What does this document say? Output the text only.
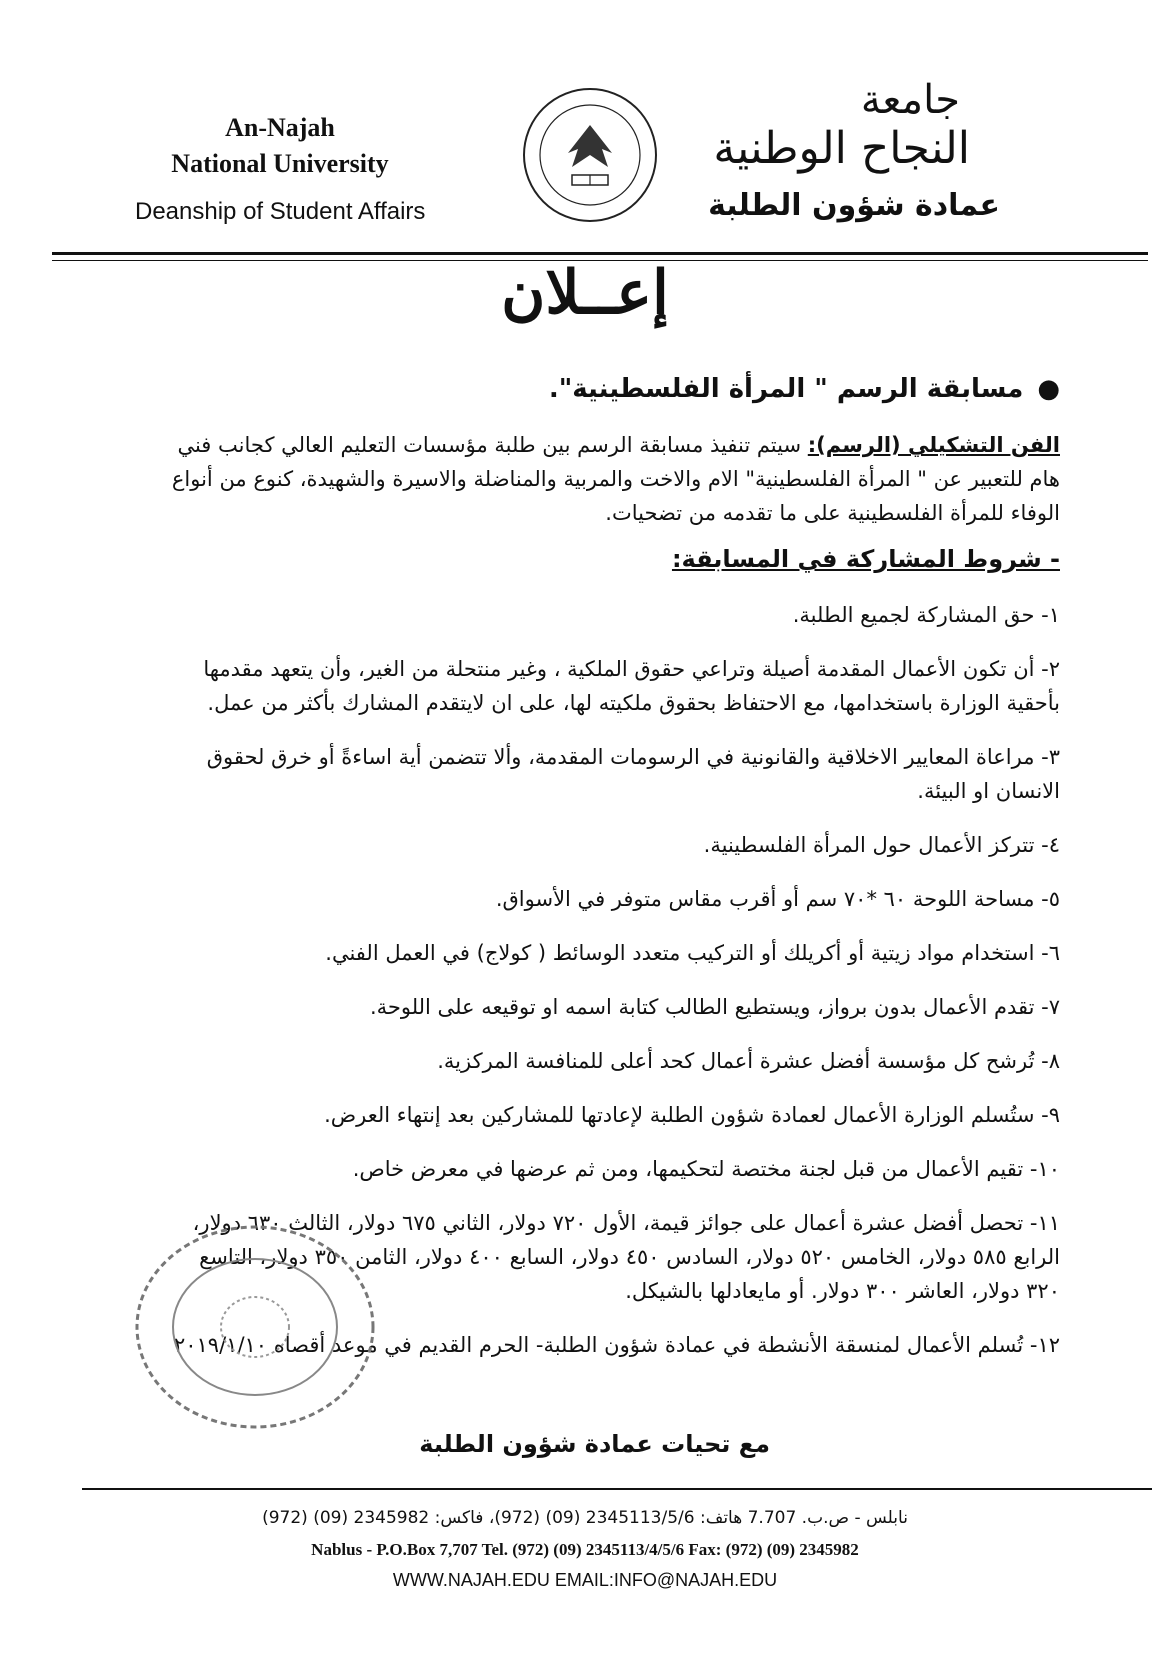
An-Najah
National University
Deanship of Student Affairs
جامعة
النجاح الوطنية
عمادة شؤون الطلبة
إعــلان
●مسابقة الرسم " المرأة الفلسطينية".
الفن التشكيلي (الرسم): سيتم تنفيذ مسابقة الرسم بين طلبة مؤسسات التعليم العالي كجانب فني هام للتعبير عن " المرأة الفلسطينية" الام والاخت والمربية والمناضلة والاسيرة والشهيدة، كنوع من أنواع الوفاء للمرأة الفلسطينية على ما تقدمه من تضحيات.
- شروط المشاركة في المسابقة:
١- حق المشاركة لجميع الطلبة.
٢- أن تكون الأعمال المقدمة أصيلة وتراعي حقوق الملكية ، وغير منتحلة من الغير، وأن يتعهد مقدمها بأحقية الوزارة باستخدامها، مع الاحتفاظ بحقوق ملكيته لها، على ان لايتقدم المشارك بأكثر من عمل.
٣- مراعاة المعايير الاخلاقية والقانونية في الرسومات المقدمة، وألا تتضمن أية اساءةً أو خرق لحقوق الانسان او البيئة.
٤- تتركز الأعمال حول المرأة الفلسطينية.
٥- مساحة اللوحة ٦٠ *٧٠ سم أو أقرب مقاس متوفر في الأسواق.
٦- استخدام مواد زيتية أو أكريلك أو التركيب متعدد الوسائط ( كولاج) في العمل الفني.
٧- تقدم الأعمال بدون برواز، ويستطيع الطالب كتابة اسمه او توقيعه على اللوحة.
٨- تُرشح كل مؤسسة أفضل عشرة أعمال كحد أعلى للمنافسة المركزية.
٩- ستُسلم الوزارة الأعمال لعمادة شؤون الطلبة لإعادتها للمشاركين بعد إنتهاء العرض.
١٠- تقيم الأعمال من قبل لجنة مختصة لتحكيمها، ومن ثم عرضها في معرض خاص.
١١- تحصل أفضل عشرة أعمال على جوائز قيمة، الأول ٧٢٠ دولار، الثاني ٦٧٥ دولار، الثالث ٦٣٠ دولار، الرابع ٥٨٥ دولار، الخامس ٥٢٠ دولار، السادس ٤٥٠ دولار، السابع ٤٠٠ دولار، الثامن ٣٥٠ دولار، التاسع ٣٢٠ دولار، العاشر ٣٠٠ دولار. أو مايعادلها بالشيكل.
١٢- تُسلم الأعمال لمنسقة الأنشطة في عمادة شؤون الطلبة- الحرم القديم في موعد أقصاه ٢٠١٩/١/١٠
مع تحيات عمادة شؤون الطلبة
نابلس - ص.ب. 7.707 هاتف: 2345113/5/6 (09) (972)، فاكس: 2345982 (09) (972)
Nablus - P.O.Box 7,707 Tel. (972) (09) 2345113/4/5/6 Fax: (972) (09) 2345982
WWW.NAJAH.EDU EMAIL:INFO@NAJAH.EDU
